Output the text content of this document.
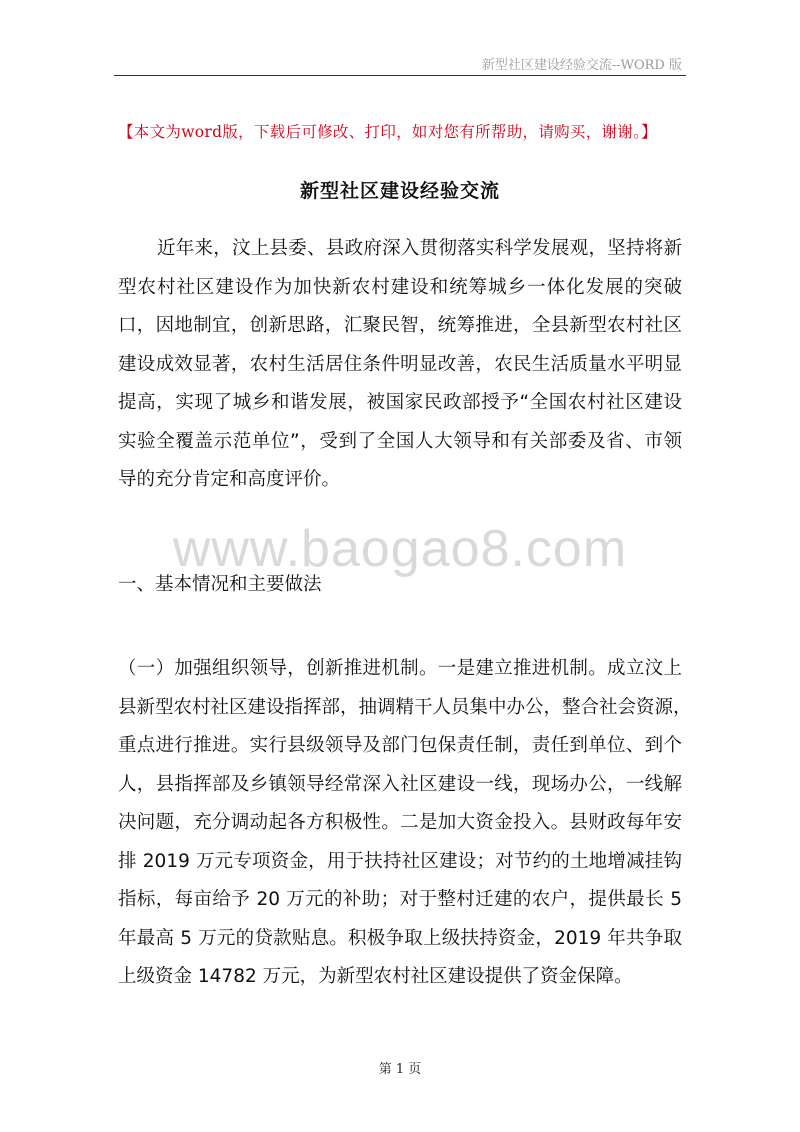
新型社区建设经验交流--WORD 版
【本文为word版，下载后可修改、打印，如对您有所帮助，请购买，谢谢。】
新型社区建设经验交流
近年来，汶上县委、县政府深入贯彻落实科学发展观，坚持将新
型农村社区建设作为加快新农村建设和统筹城乡一体化发展的突破
口，因地制宜，创新思路，汇聚民智，统筹推进，全县新型农村社区
建设成效显著，农村生活居住条件明显改善，农民生活质量水平明显
提高，实现了城乡和谐发展，被国家民政部授予“全国农村社区建设
实验全覆盖示范单位”，受到了全国人大领导和有关部委及省、市领
导的充分肯定和高度评价。
www.baogao8.com
一、基本情况和主要做法
（一）加强组织领导，创新推进机制。一是建立推进机制。成立汶上
县新型农村社区建设指挥部，抽调精干人员集中办公，整合社会资源，
重点进行推进。实行县级领导及部门包保责任制，责任到单位、到个
人，县指挥部及乡镇领导经常深入社区建设一线，现场办公，一线解
决问题，充分调动起各方积极性。二是加大资金投入。县财政每年安
排 2019 万元专项资金，用于扶持社区建设；对节约的土地增减挂钩
指标，每亩给予 20 万元的补助；对于整村迁建的农户，提供最长 5
年最高 5 万元的贷款贴息。积极争取上级扶持资金，2019 年共争取
上级资金 14782 万元，为新型农村社区建设提供了资金保障。
第 1 页
